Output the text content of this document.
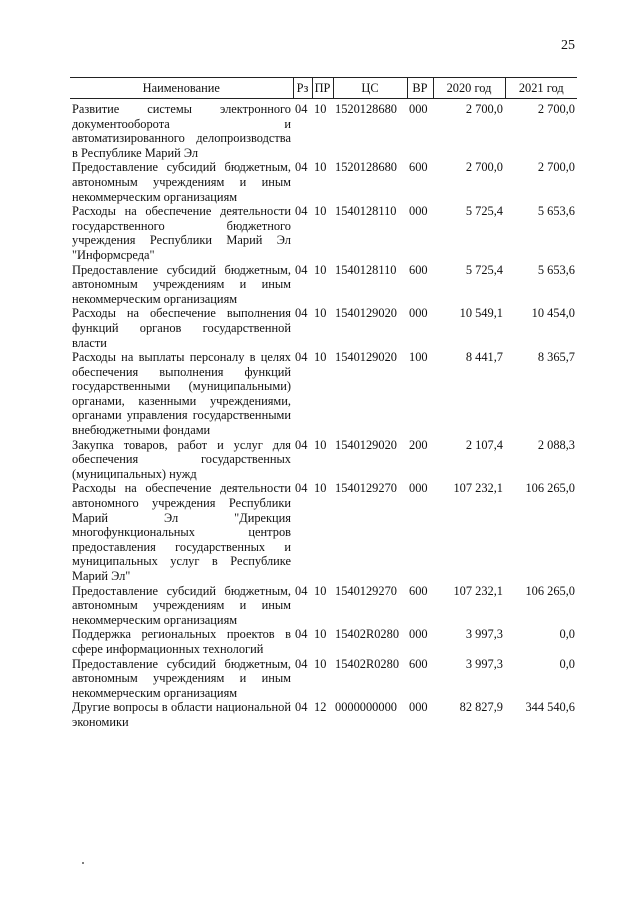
25
Наименование	Рз	ПР	ЦС	ВР	2020 год	2021 год
Развитие системы электронного документооборота и автоматизированного делопроизводства в Республике Марий Эл	04	10	1520128680	000	2 700,0	2 700,0
Предоставление субсидий бюджетным, автономным учреждениям и иным некоммерческим организациям	04	10	1520128680	600	2 700,0	2 700,0
Расходы на обеспечение деятельности государственного бюджетного учреждения Республики Марий Эл "Информсреда"	04	10	1540128110	000	5 725,4	5 653,6
Предоставление субсидий бюджетным, автономным учреждениям и иным некоммерческим организациям	04	10	1540128110	600	5 725,4	5 653,6
Расходы на обеспечение выполнения функций органов государственной власти	04	10	1540129020	000	10 549,1	10 454,0
Расходы на выплаты персоналу в целях обеспечения выполнения функций государственными (муниципальными) органами, казенными учреждениями, органами управления государственными внебюджетными фондами	04	10	1540129020	100	8 441,7	8 365,7
Закупка товаров, работ и услуг для обеспечения государственных (муниципальных) нужд	04	10	1540129020	200	2 107,4	2 088,3
Расходы на обеспечение деятельности автономного учреждения Республики Марий Эл "Дирекция многофункциональных центров предоставления государственных и муниципальных услуг в Республике Марий Эл"	04	10	1540129270	000	107 232,1	106 265,0
Предоставление субсидий бюджетным, автономным учреждениям и иным некоммерческим организациям	04	10	1540129270	600	107 232,1	106 265,0
Поддержка региональных проектов в сфере информационных технологий	04	10	15402R0280	000	3 997,3	0,0
Предоставление субсидий бюджетным, автономным учреждениям и иным некоммерческим организациям	04	10	15402R0280	600	3 997,3	0,0
Другие вопросы в области национальной экономики	04	12	0000000000	000	82 827,9	344 540,6
